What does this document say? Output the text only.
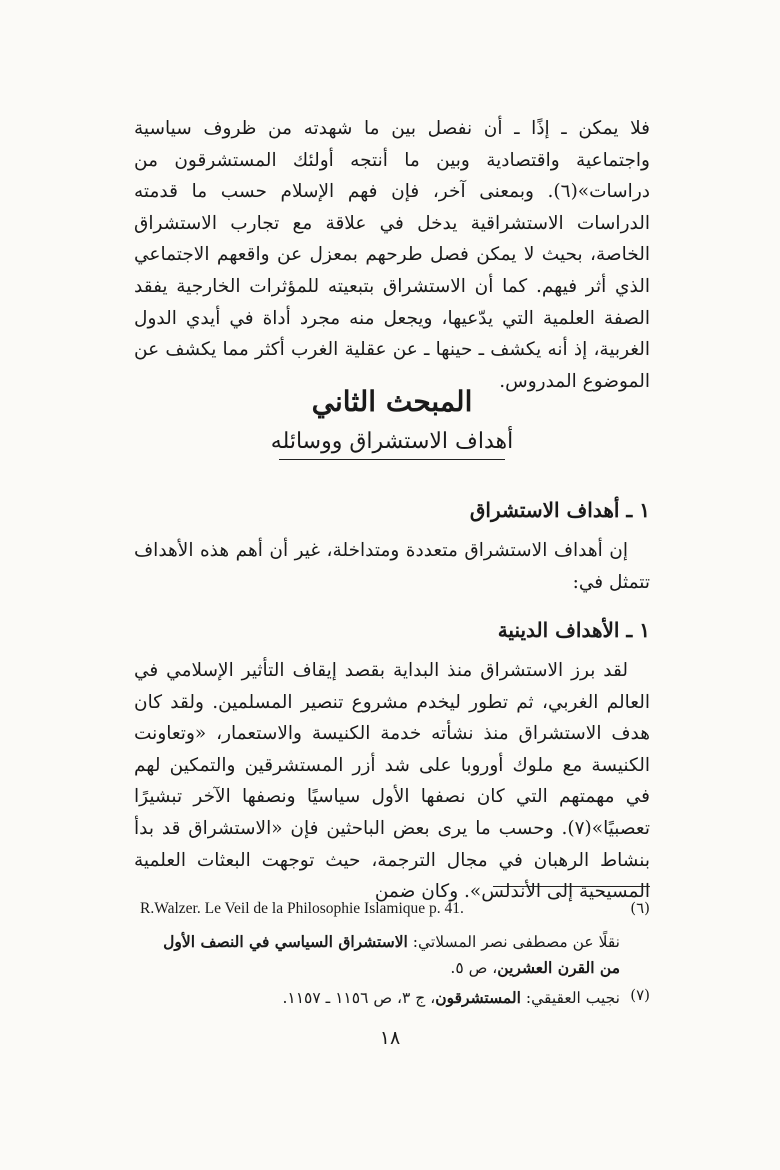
فلا يمكن ـ إذًا ـ أن نفصل بين ما شهدته من ظروف سياسية واجتماعية واقتصادية وبين ما أنتجه أولئك المستشرقون من دراسات»(٦). وبمعنى آخر، فإن فهم الإسلام حسب ما قدمته الدراسات الاستشراقية يدخل في علاقة مع تجارب الاستشراق الخاصة، بحيث لا يمكن فصل طرحهم بمعزل عن واقعهم الاجتماعي الذي أثر فيهم. كما أن الاستشراق بتبعيته للمؤثرات الخارجية يفقد الصفة العلمية التي يدّعيها، ويجعل منه مجرد أداة في أيدي الدول الغربية، إذ أنه يكشف ـ حينها ـ عن عقلية الغرب أكثر مما يكشف عن الموضوع المدروس.

المبحث الثاني
أهداف الاستشراق ووسائله
١ ـ أهداف الاستشراق

إن أهداف الاستشراق متعددة ومتداخلة، غير أن أهم هذه الأهداف تتمثل في:

١ ـ الأهداف الدينية

لقد برز الاستشراق منذ البداية بقصد إيقاف التأثير الإسلامي في العالم الغربي، ثم تطور ليخدم مشروع تنصير المسلمين. ولقد كان هدف الاستشراق منذ نشأته خدمة الكنيسة والاستعمار، «وتعاونت الكنيسة مع ملوك أوروبا على شد أزر المستشرقين والتمكين لهم في مهمتهم التي كان نصفها الأول سياسيًا ونصفها الآخر تبشيرًا تعصبيًا»(٧). وحسب ما يرى بعض الباحثين فإن «الاستشراق قد بدأ بنشاط الرهبان في مجال الترجمة، حيث توجهت البعثات العلمية المسيحية إلى الأندلس». وكان ضمن

(٦)
R.Walzer. Le Veil de la Philosophie Islamique p. 41.
نقلًا عن مصطفى نصر المسلاتي: الاستشراق السياسي في النصف الأول من القرن العشرين، ص ٥.
(٧)
نجيب العقيقي: المستشرقون، ج ٣، ص ١١٥٦ ـ ١١٥٧.
١٨
